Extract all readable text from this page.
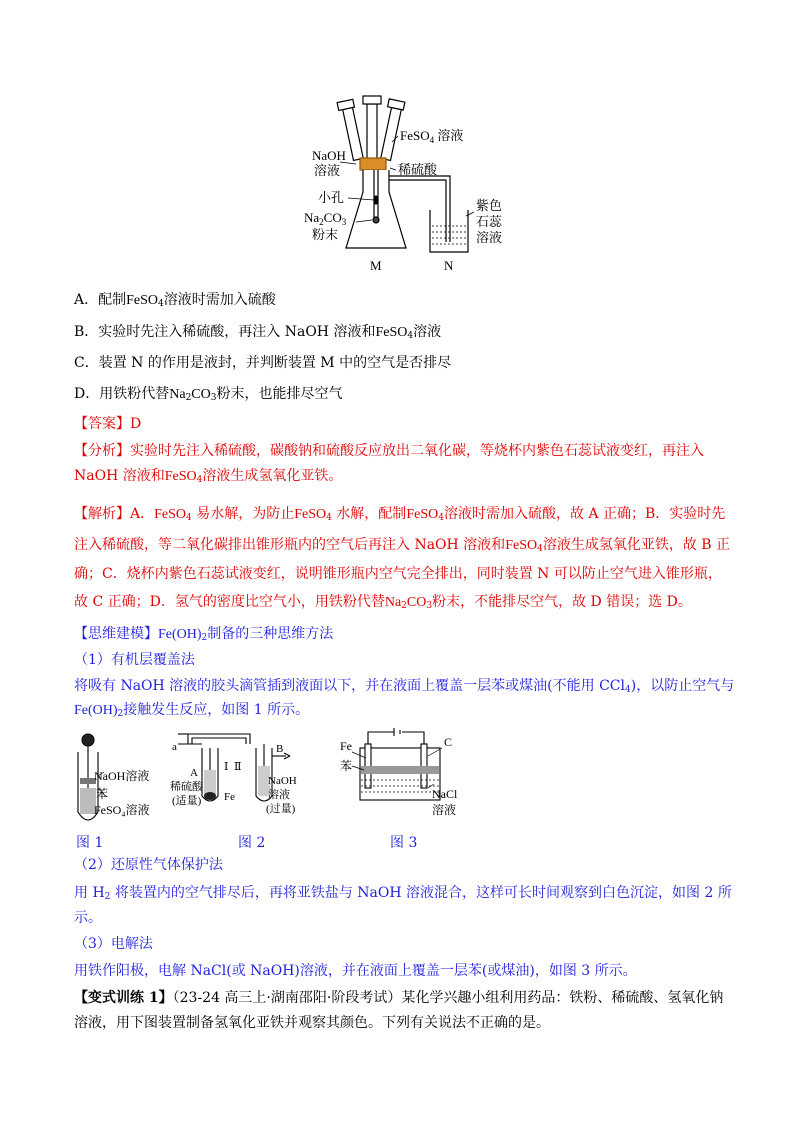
NaOH
溶液
FeSO$_4$ 溶液
稀硫酸
小孔
$Na_2CO_3$
粉末
紫色
石蕊
溶液
M	N
A．配制FeSO$_4$溶液时需加入硫酸
B．实验时先注入稀硫酸，再注入 NaOH 溶液和FeSO$_4$溶液
C．装置 N 的作用是液封，并判断装置 M 中的空气是否排尽
D．用铁粉代替$Na_2CO_3$粉末，也能排尽空气
【答案】D
【分析】实验时先注入稀硫酸，碳酸钠和硫酸反应放出二氧化碳，等烧杯内紫色石蕊试液变红，再注入
NaOH 溶液和FeSO$_4$溶液生成氢氧化亚铁。
【解析】A．FeSO$_4$ 易水解，为防止FeSO$_4$ 水解，配制FeSO$_4$溶液时需加入硫酸，故 A 正确；B．实验时先
注入稀硫酸，等二氧化碳排出锥形瓶内的空气后再注入 NaOH 溶液和FeSO$_4$溶液生成氢氧化亚铁，故 B 正
确；C．烧杯内紫色石蕊试液变红，说明锥形瓶内空气完全排出，同时装置 N 可以防止空气进入锥形瓶，
故 C 正确；D．氢气的密度比空气小，用铁粉代替$Na_2CO_3$粉末，不能排尽空气，故 D 错误；选 D。
【思维建模】$Fe(OH)_2$制备的三种思维方法
（1）有机层覆盖法
将吸有 NaOH 溶液的胶头滴管插到液面以下，并在液面上覆盖一层苯或煤油(不能用 CCl$_4$)，以防止空气与
$Fe(OH)_2$接触发生反应，如图 1 所示。
NaOH溶液
苯
FeSO₄溶液
a
A
B
Ⅰ Ⅱ
稀硫酸
(适量) Fe
NaOH
溶液
(过量)
Fe	C
苯
NaCl
溶液
图 1	图 2	图 3
（2）还原性气体保护法
用 $H_2$ 将装置内的空气排尽后，再将亚铁盐与 NaOH 溶液混合，这样可长时间观察到白色沉淀，如图 2 所
示。
（3）电解法
用铁作阳极，电解 NaCl(或 NaOH)溶液，并在液面上覆盖一层苯(或煤油)，如图 3 所示。
【变式训练 1】（23-24 高三上·湖南邵阳·阶段考试）某化学兴趣小组利用药品：铁粉、稀硫酸、氢氧化钠
溶液，用下图装置制备氢氧化亚铁并观察其颜色。下列有关说法不正确的是。
